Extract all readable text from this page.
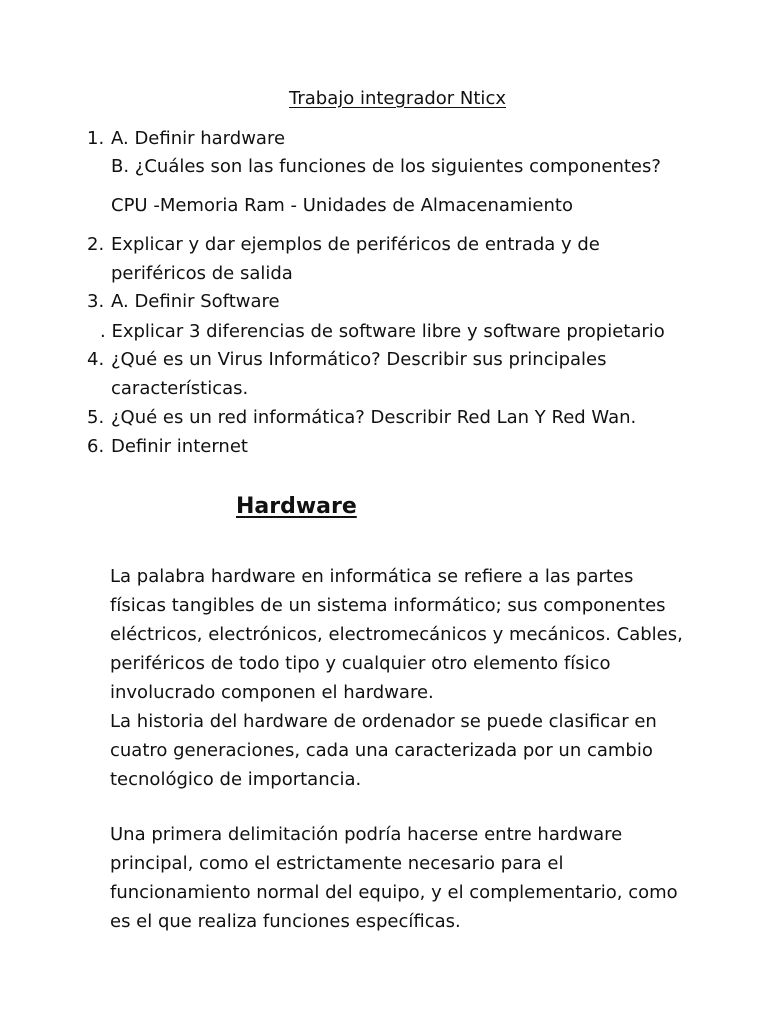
Trabajo integrador Nticx
1. A. Definir hardware
B. ¿Cuáles son las funciones de los siguientes componentes?
CPU -Memoria Ram - Unidades de Almacenamiento
2. Explicar y dar ejemplos de periféricos de entrada y de
periféricos de salida
3. A. Definir Software
. Explicar 3 diferencias de software libre y software propietario
4. ¿Qué es un Virus Informático? Describir sus principales
características.
5. ¿Qué es un red informática? Describir Red Lan Y Red Wan.
6. Definir internet
Hardware

La palabra hardware en informática se refiere a las partes

físicas tangibles de un sistema informático; sus componentes

eléctricos, electrónicos, electromecánicos y mecánicos. Cables,

periféricos de todo tipo y cualquier otro elemento físico

involucrado componen el hardware.

La historia del hardware de ordenador se puede clasificar en

cuatro generaciones, cada una caracterizada por un cambio

tecnológico de importancia.

Una primera delimitación podría hacerse entre hardware

principal, como el estrictamente necesario para el

funcionamiento normal del equipo, y el complementario, como

es el que realiza funciones específicas.
